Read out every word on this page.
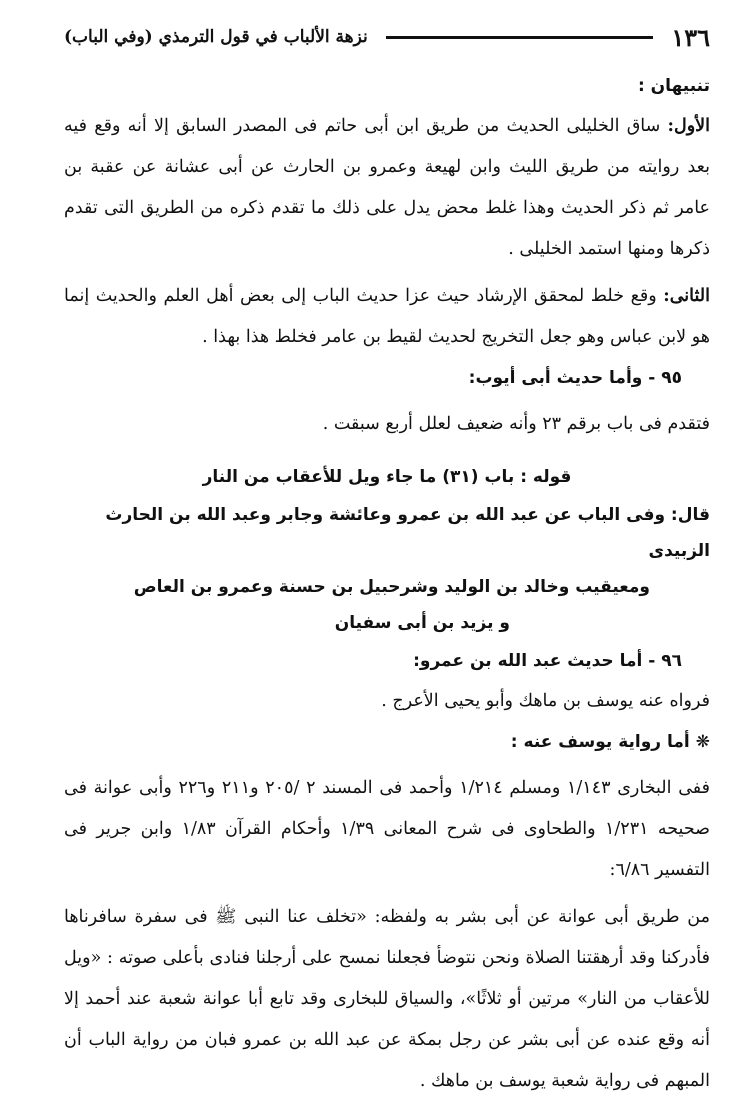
١٣٦
نزهة الألباب في قول الترمذي (وفي الباب)

تنبيهان :

الأول: ساق الخليلى الحديث من طريق ابن أبى حاتم فى المصدر السابق إلا أنه وقع فيه بعد روايته من طريق الليث وابن لهيعة وعمرو بن الحارث عن أبى عشانة عن عقبة بن عامر ثم ذكر الحديث وهذا غلط محض يدل على ذلك ما تقدم ذكره من الطريق التى تقدم ذكرها ومنها استمد الخليلى .

الثانى: وقع خلط لمحقق الإرشاد حيث عزا حديث الباب إلى بعض أهل العلم والحديث إنما هو لابن عباس وهو جعل التخريج لحديث لقيط بن عامر فخلط هذا بهذا .

٩٥ - وأما حديث أبى أيوب:

فتقدم فى باب برقم ٢٣ وأنه ضعيف لعلل أربع سبقت .

قوله : باب (٣١) ما جاء ويل للأعقاب من النار

قال: وفى الباب عن عبد الله بن عمرو وعائشة وجابر وعبد الله بن الحارث الزبيدى

ومعيقيب وخالد بن الوليد وشرحبيل بن حسنة وعمرو بن العاص

و يزيد بن أبى سفيان

٩٦ - أما حديث عبد الله بن عمرو:

فرواه عنه يوسف بن ماهك وأبو يحيى الأعرج .

❋أما رواية يوسف عنه :

ففى البخارى ١/١٤٣ ومسلم ١/٢١٤ وأحمد فى المسند ٢ /٢٠٥ و٢١١ و٢٢٦ وأبى عوانة فى صحيحه ١/٢٣١ والطحاوى فى شرح المعانى ١/٣٩ وأحكام القرآن ١/٨٣ وابن جرير فى التفسير ٦/٨٦:

من طريق أبى عوانة عن أبى بشر به ولفظه: «تخلف عنا النبى ﷺ فى سفرة سافرناها فأدركنا وقد أرهقتنا الصلاة ونحن نتوضأ فجعلنا نمسح على أرجلنا فنادى بأعلى صوته : «ويل للأعقاب من النار» مرتين أو ثلاثًا»، والسياق للبخارى وقد تابع أبا عوانة شعبة عند أحمد إلا أنه وقع عنده عن أبى بشر عن رجل بمكة عن عبد الله بن عمرو فبان من رواية الباب أن المبهم فى رواية شعبة يوسف بن ماهك .
